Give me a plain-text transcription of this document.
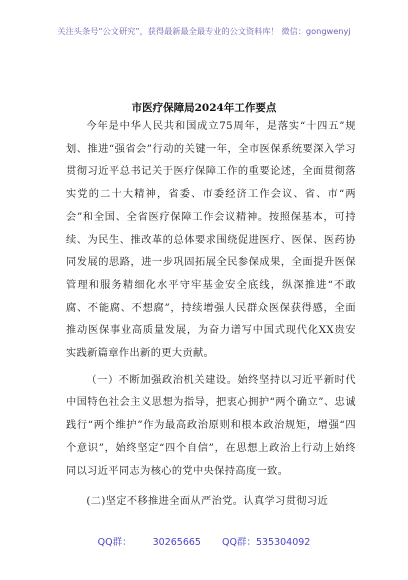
关注头条号“公文研究”，获得最新最全最专业的公文资料库！ 微信：gongwenyj
市医疗保障局2024年工作要点

今年是中华人民共和国成立75周年，是落实“十四五”规划、推进“强省会”行动的关键一年，全市医保系统要深入学习贯彻习近平总书记关于医疗保障工作的重要论述，全面贯彻落实党的二十大精神，省委、市委经济工作会议、省、市“两会”和全国、全省医疗保障工作会议精神。按照保基本，可持续、为民生、推改革的总体要求围绕促进医疗、医保、医药协同发展的思路，进一步巩固拓展全民参保成果，全面提升医保管理和服务精细化水平守牢基金安全底线，纵深推进“不敢腐、不能腐、不想腐”，持续增强人民群众医保获得感，全面推动医保事业高质量发展，为奋力谱写中国式现代化XX贵安实践新篇章作出新的更大贡献。

（一）不断加强政治机关建设。始终坚持以习近平新时代中国特色社会主义思想为指导，把衷心拥护“两个确立”、忠诚践行“两个维护”作为最高政治原则和根本政治规矩，增强“四个意识”，始终坚定“四个自信”，在思想上政治上行动上始终同以习近平同志为核心的党中央保持高度一致。

(二)坚定不移推进全面从严治党。认真学习贯彻习近

QQ群： 30265665 QQ群：535304092
